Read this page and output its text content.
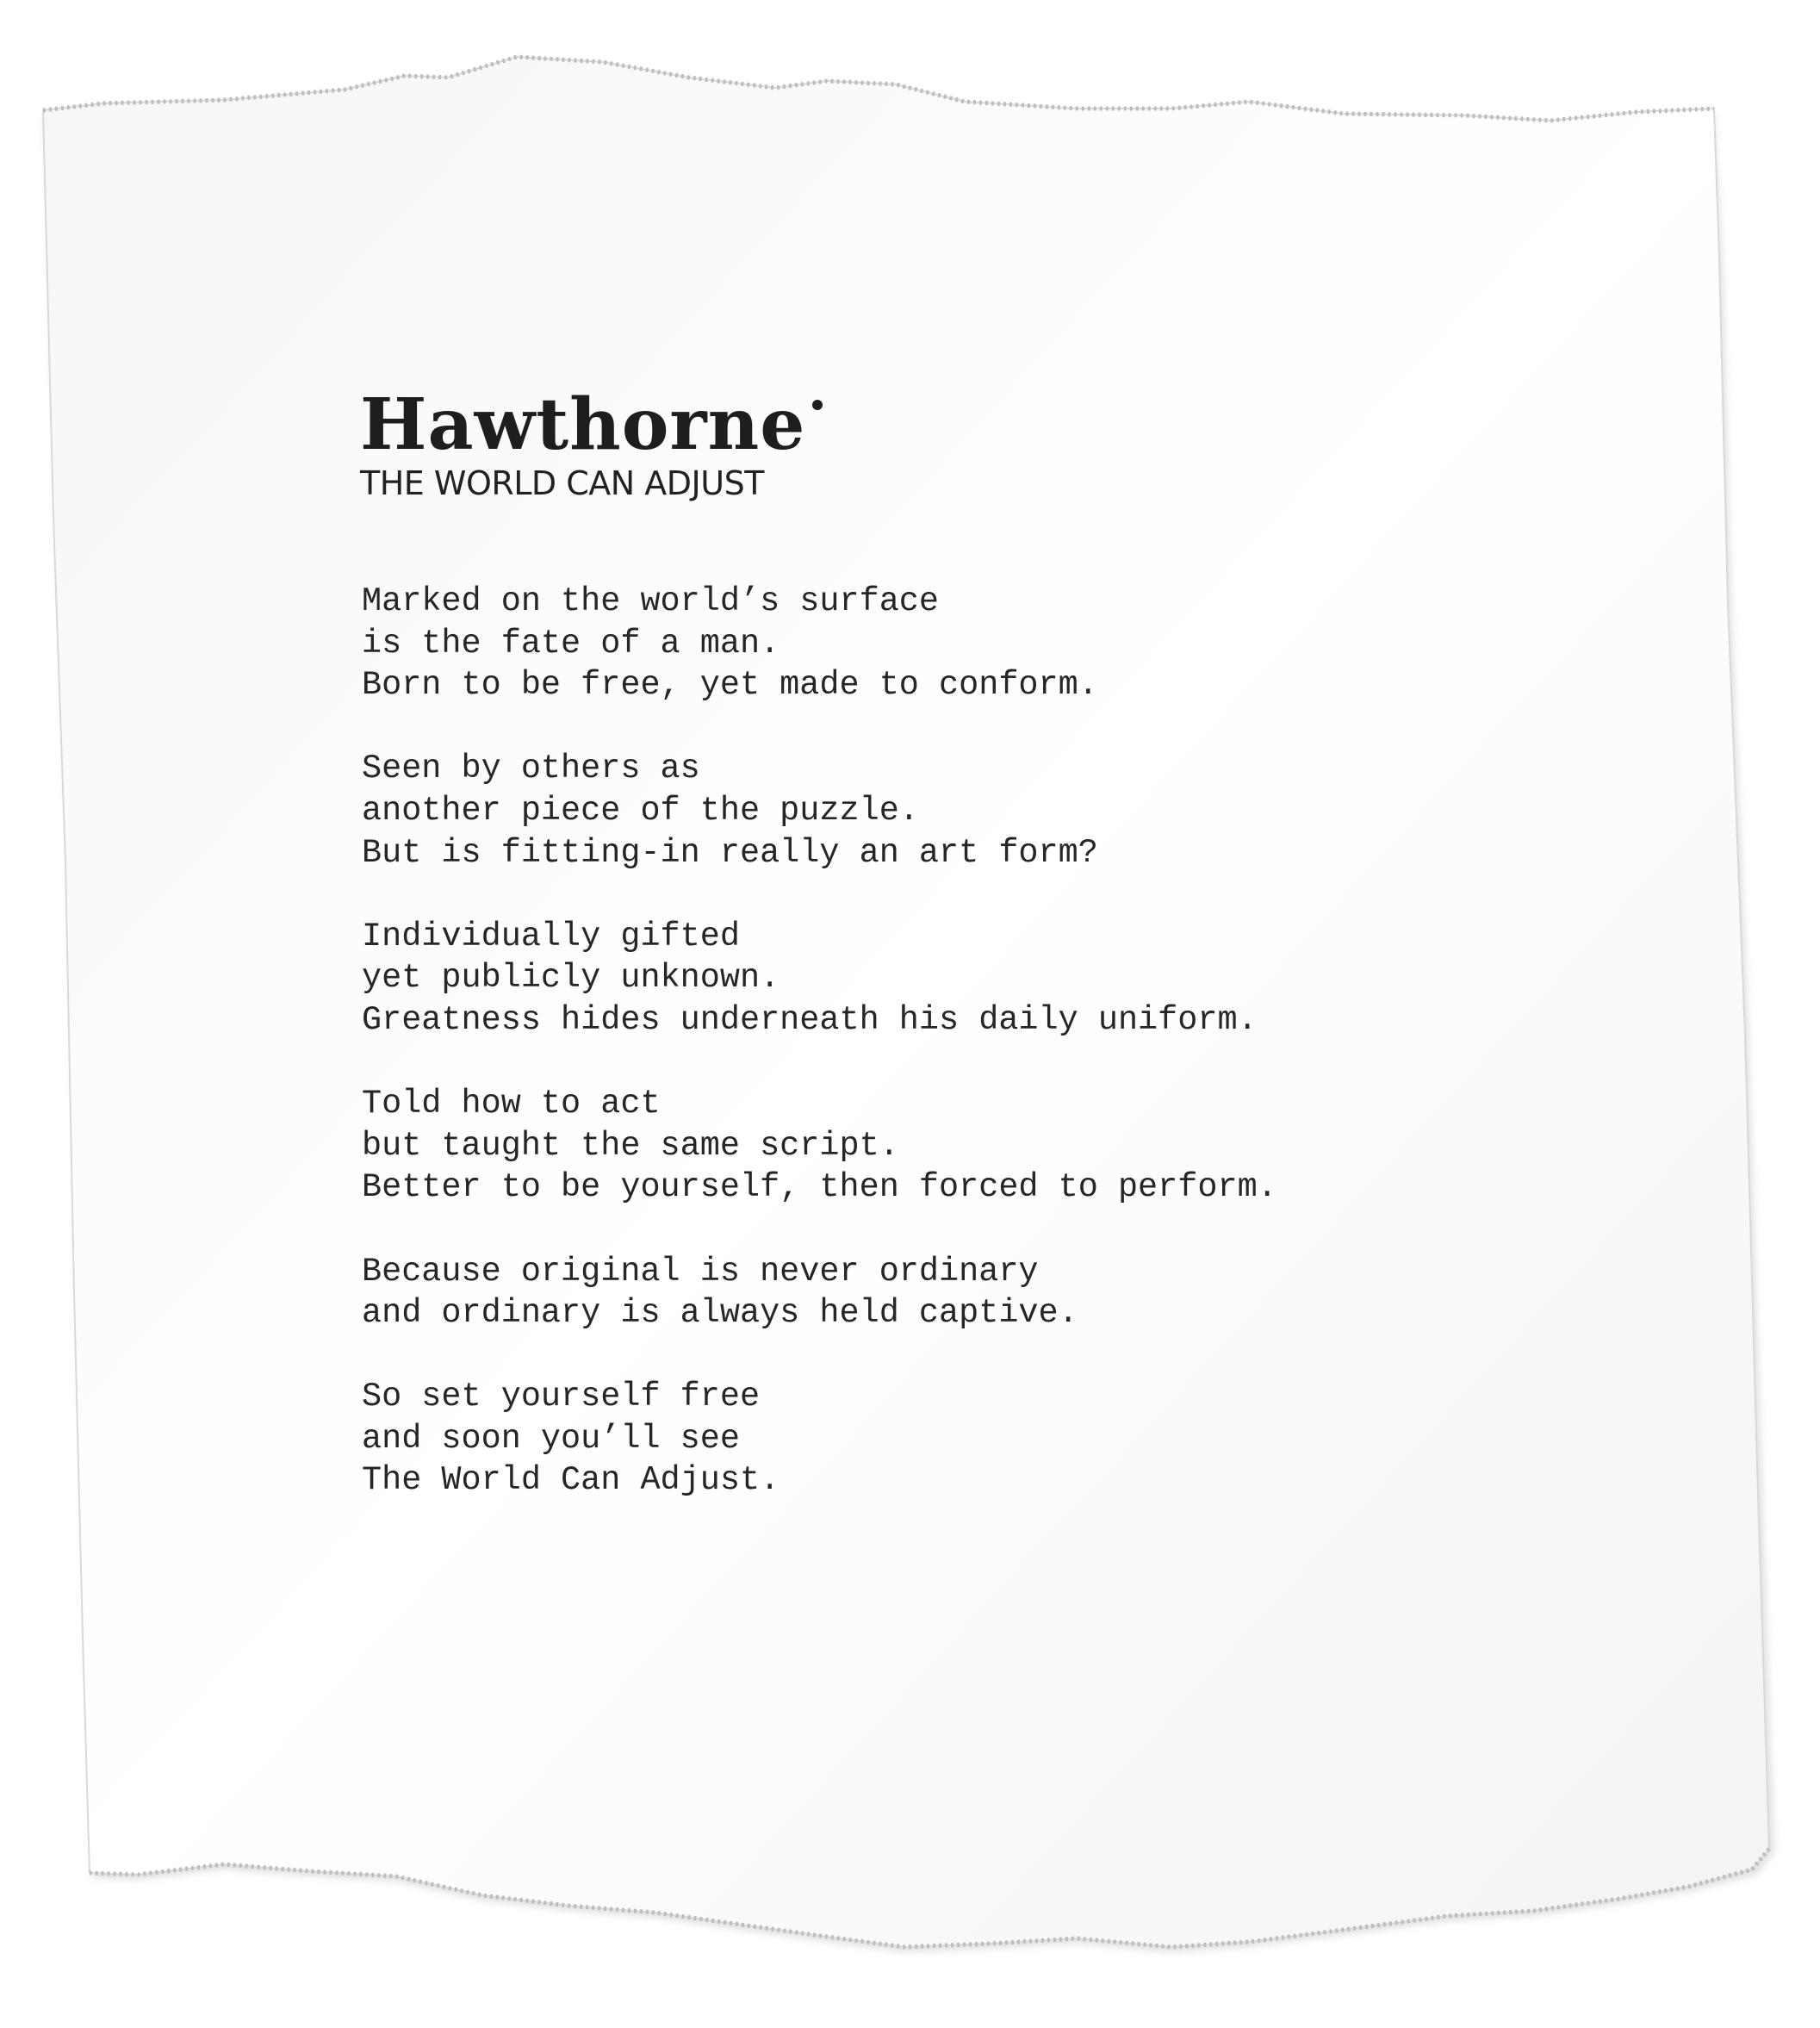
Hawthorne
THE WORLD CAN ADJUST
Marked on the world’s surface
is the fate of a man.
Born to be free, yet made to conform.
Seen by others as
another piece of the puzzle.
But is fitting-in really an art form?
Individually gifted
yet publicly unknown.
Greatness hides underneath his daily uniform.
Told how to act
but taught the same script.
Better to be yourself, then forced to perform.
Because original is never ordinary
and ordinary is always held captive.
So set yourself free
and soon you’ll see
The World Can Adjust.
